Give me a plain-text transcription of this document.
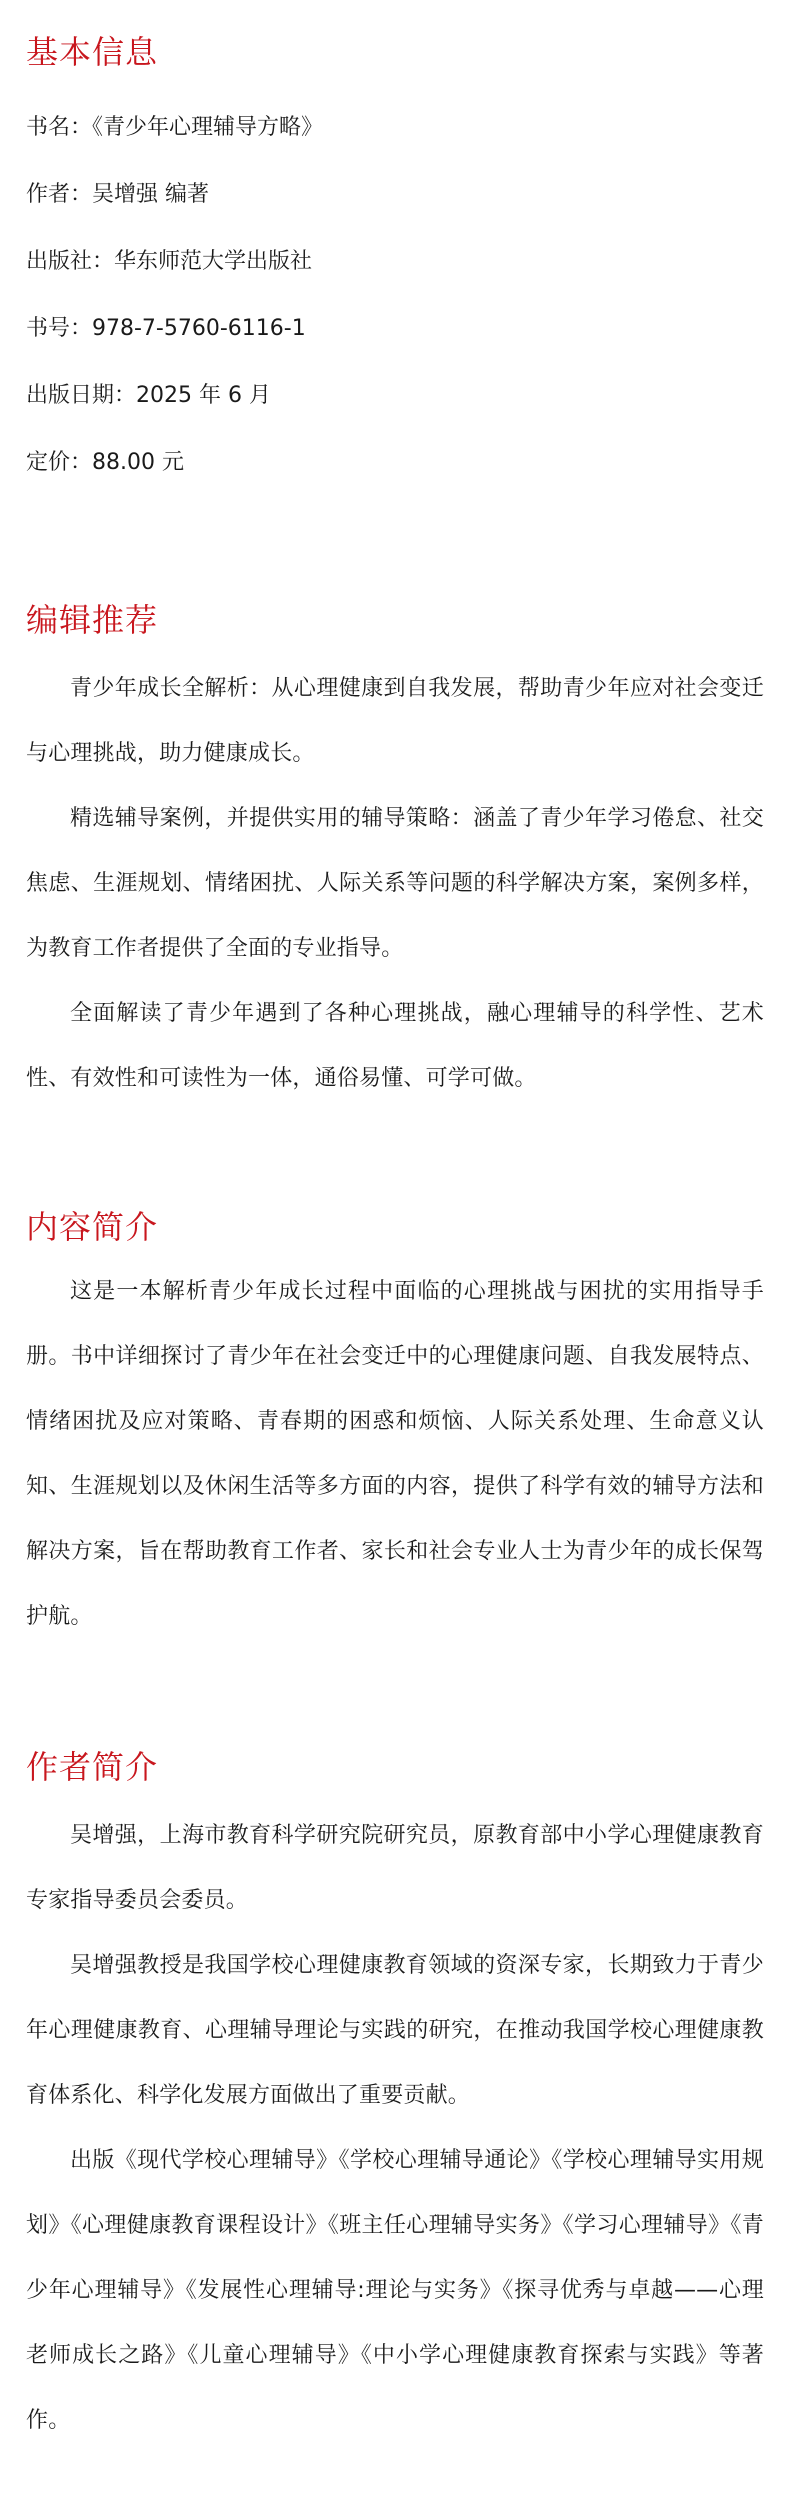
基本信息
书名：《青少年心理辅导方略》
作者：吴增强 编著
出版社：华东师范大学出版社
书号：978-7-5760-6116-1
出版日期：2025 年 6 月
定价：88.00 元
编辑推荐

青少年成长全解析：从心理健康到自我发展，帮助青少年应对社会变迁与心理挑战，助力健康成长。

精选辅导案例，并提供实用的辅导策略：涵盖了青少年学习倦怠、社交焦虑、生涯规划、情绪困扰、人际关系等问题的科学解决方案，案例多样，为教育工作者提供了全面的专业指导。

全面解读了青少年遇到了各种心理挑战，融心理辅导的科学性、艺术性、有效性和可读性为一体，通俗易懂、可学可做。

内容简介

这是一本解析青少年成长过程中面临的心理挑战与困扰的实用指导手册。书中详细探讨了青少年在社会变迁中的心理健康问题、自我发展特点、情绪困扰及应对策略、青春期的困惑和烦恼、人际关系处理、生命意义认知、生涯规划以及休闲生活等多方面的内容，提供了科学有效的辅导方法和解决方案，旨在帮助教育工作者、家长和社会专业人士为青少年的成长保驾护航。

作者简介

吴增强，上海市教育科学研究院研究员，原教育部中小学心理健康教育专家指导委员会委员。

吴增强教授是我国学校心理健康教育领域的资深专家，长期致力于青少年心理健康教育、心理辅导理论与实践的研究，在推动我国学校心理健康教育体系化、科学化发展方面做出了重要贡献。

出版《现代学校心理辅导》《学校心理辅导通论》《学校心理辅导实用规划》《心理健康教育课程设计》《班主任心理辅导实务》《学习心理辅导》《青少年心理辅导》《发展性心理辅导:理论与实务》《探寻优秀与卓越——心理老师成长之路》《儿童心理辅导》《中小学心理健康教育探索与实践》等著作。
